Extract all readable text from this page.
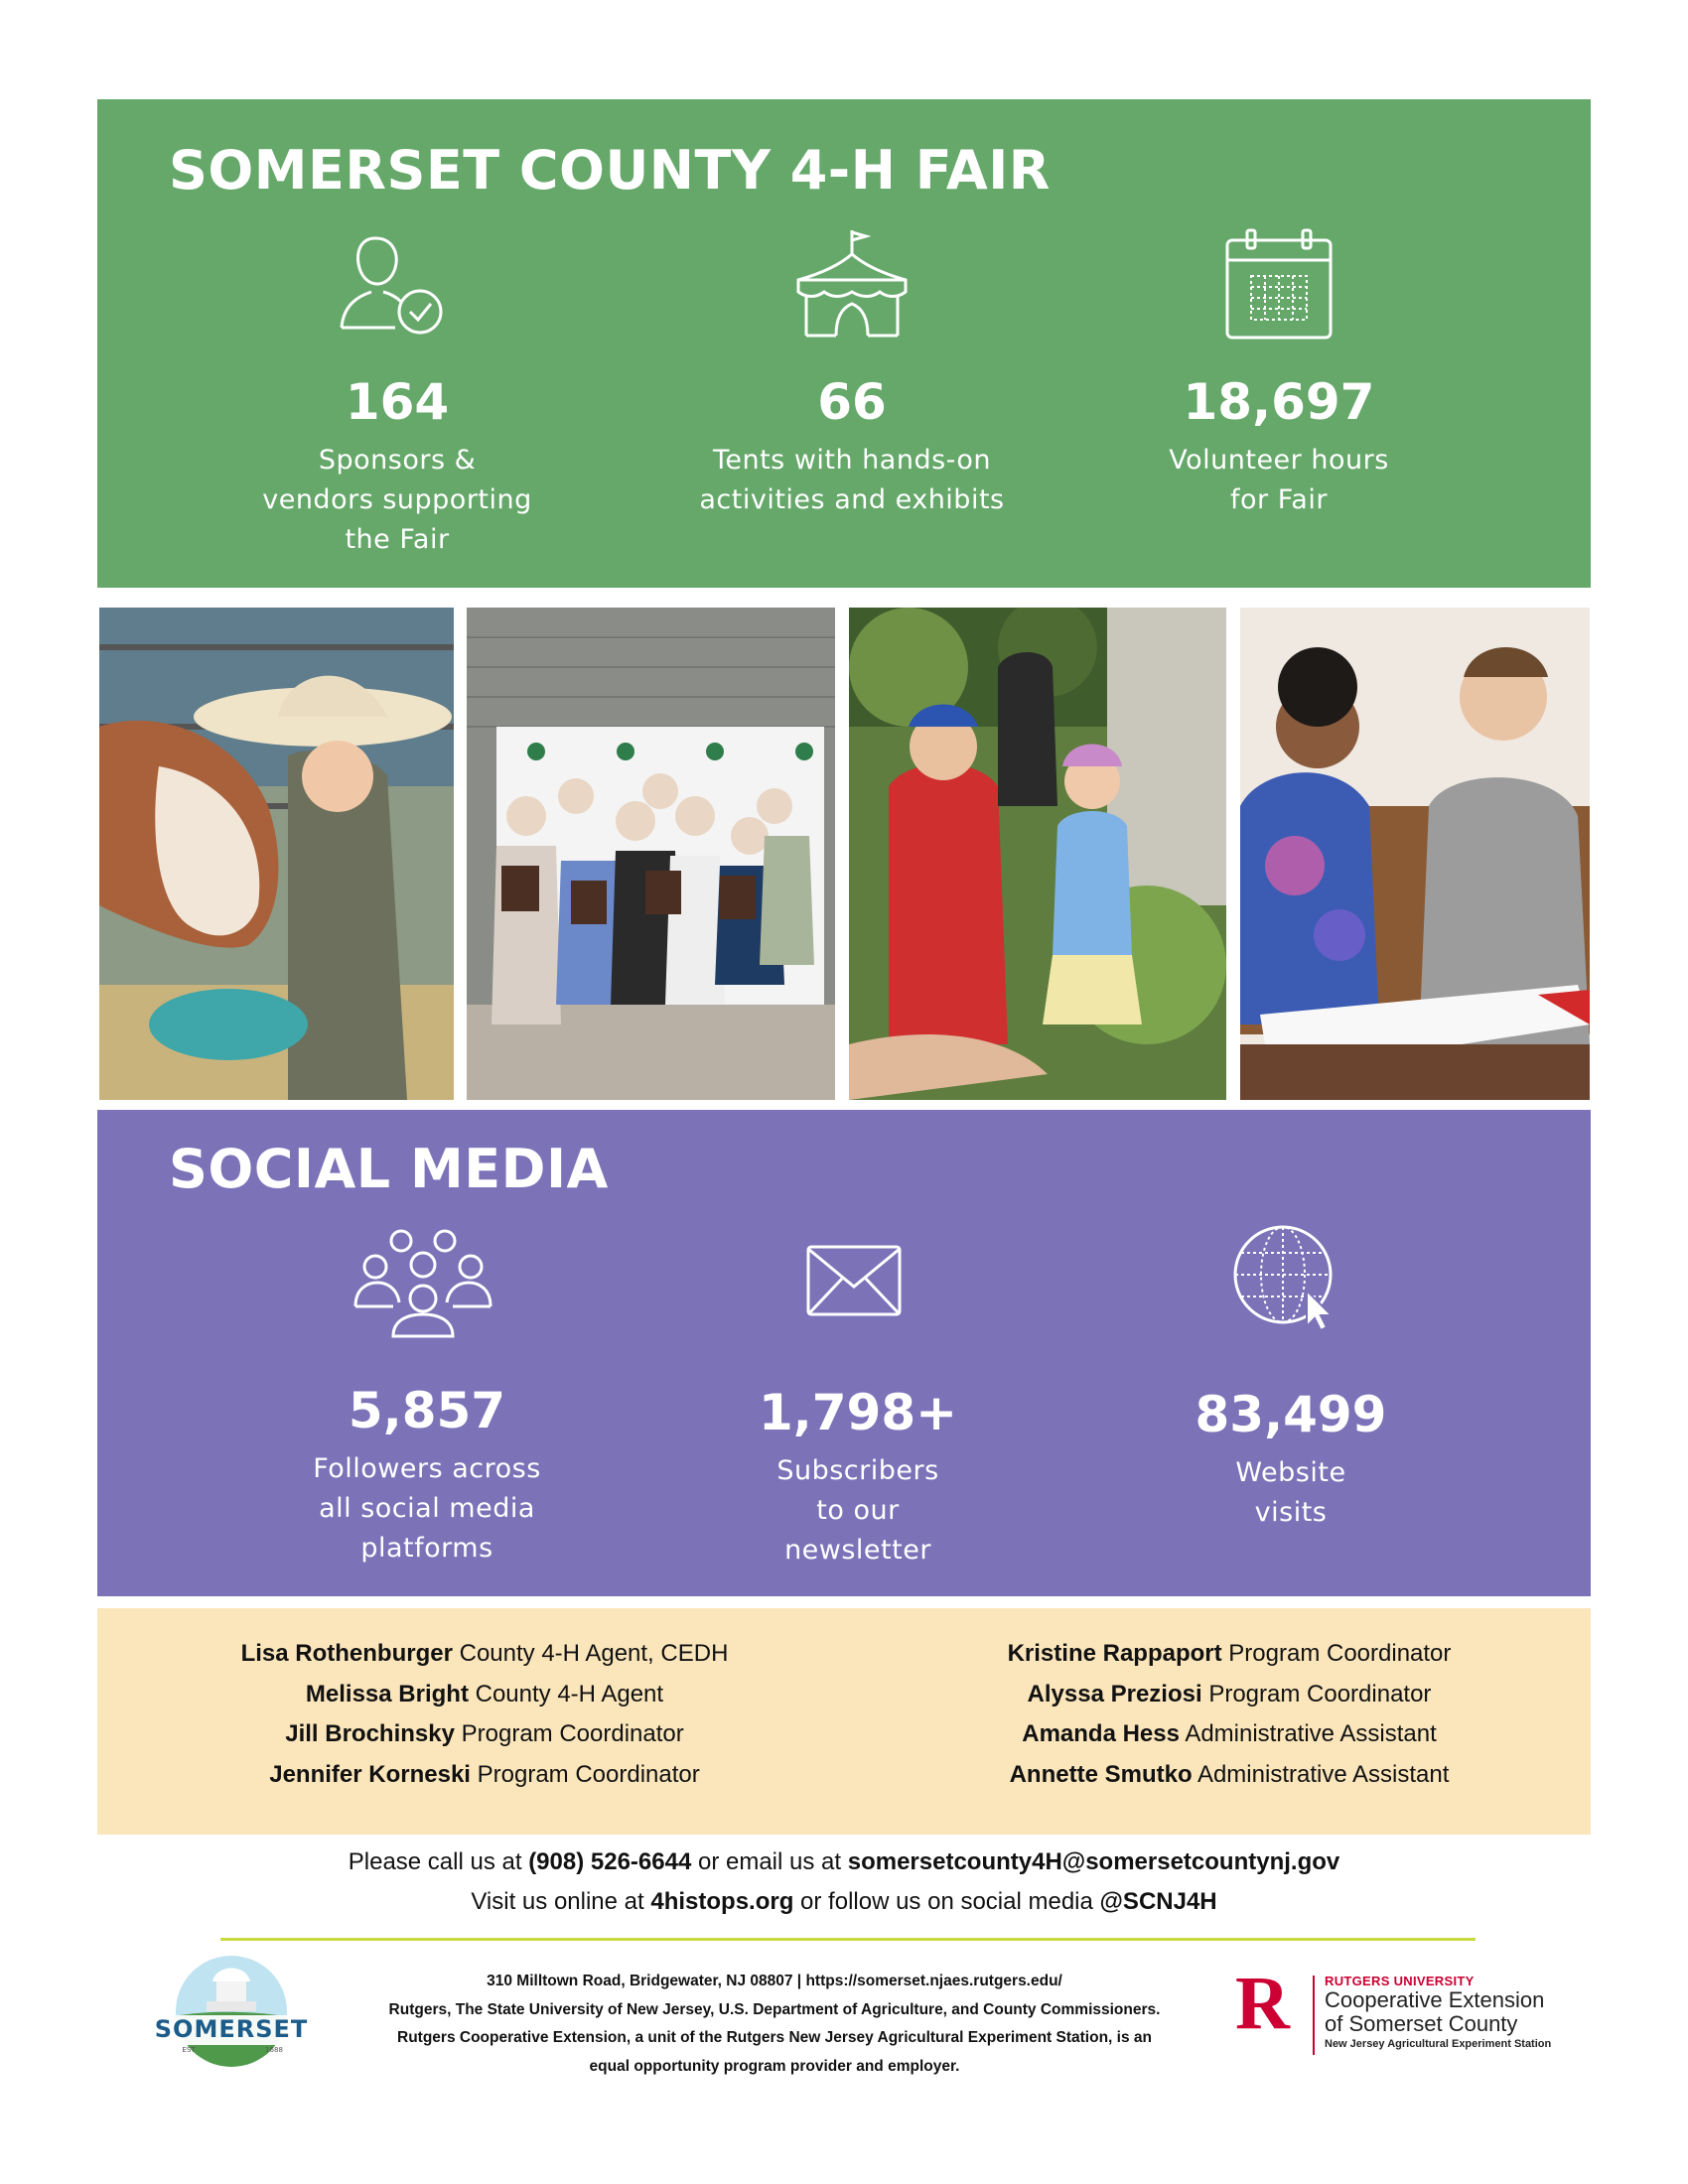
SOMERSET COUNTY 4-H FAIR
164
Sponsors &
vendors supporting
the Fair
66
Tents with hands-on
activities and exhibits
18,697
Volunteer hours
for Fair
SOCIAL MEDIA
5,857
Followers across
all social media
platforms
1,798+
Subscribers
to our
newsletter
83,499
Website
visits
Lisa Rothenburger County 4-H Agent, CEDH
Melissa Bright County 4-H Agent
Jill Brochinsky Program Coordinator
Jennifer Korneski Program Coordinator
Kristine Rappaport Program Coordinator
Alyssa Preziosi Program Coordinator
Amanda Hess Administrative Assistant
Annette Smutko Administrative Assistant
Please call us at (908) 526-6644 or email us at somersetcounty4H@somersetcountynj.gov
Visit us online at 4histops.org or follow us on social media @SCNJ4H
SOMERSET
COUNTY
EST	1688
310 Milltown Road, Bridgewater, NJ 08807 | https://somerset.njaes.rutgers.edu/
Rutgers, The State University of New Jersey, U.S. Department of Agriculture, and County Commissioners.
Rutgers Cooperative Extension, a unit of the Rutgers New Jersey Agricultural Experiment Station, is an
equal opportunity program provider and employer.
R	RUTGERS UNIVERSITY
Cooperative Extension
of Somerset County
New Jersey Agricultural Experiment Station
